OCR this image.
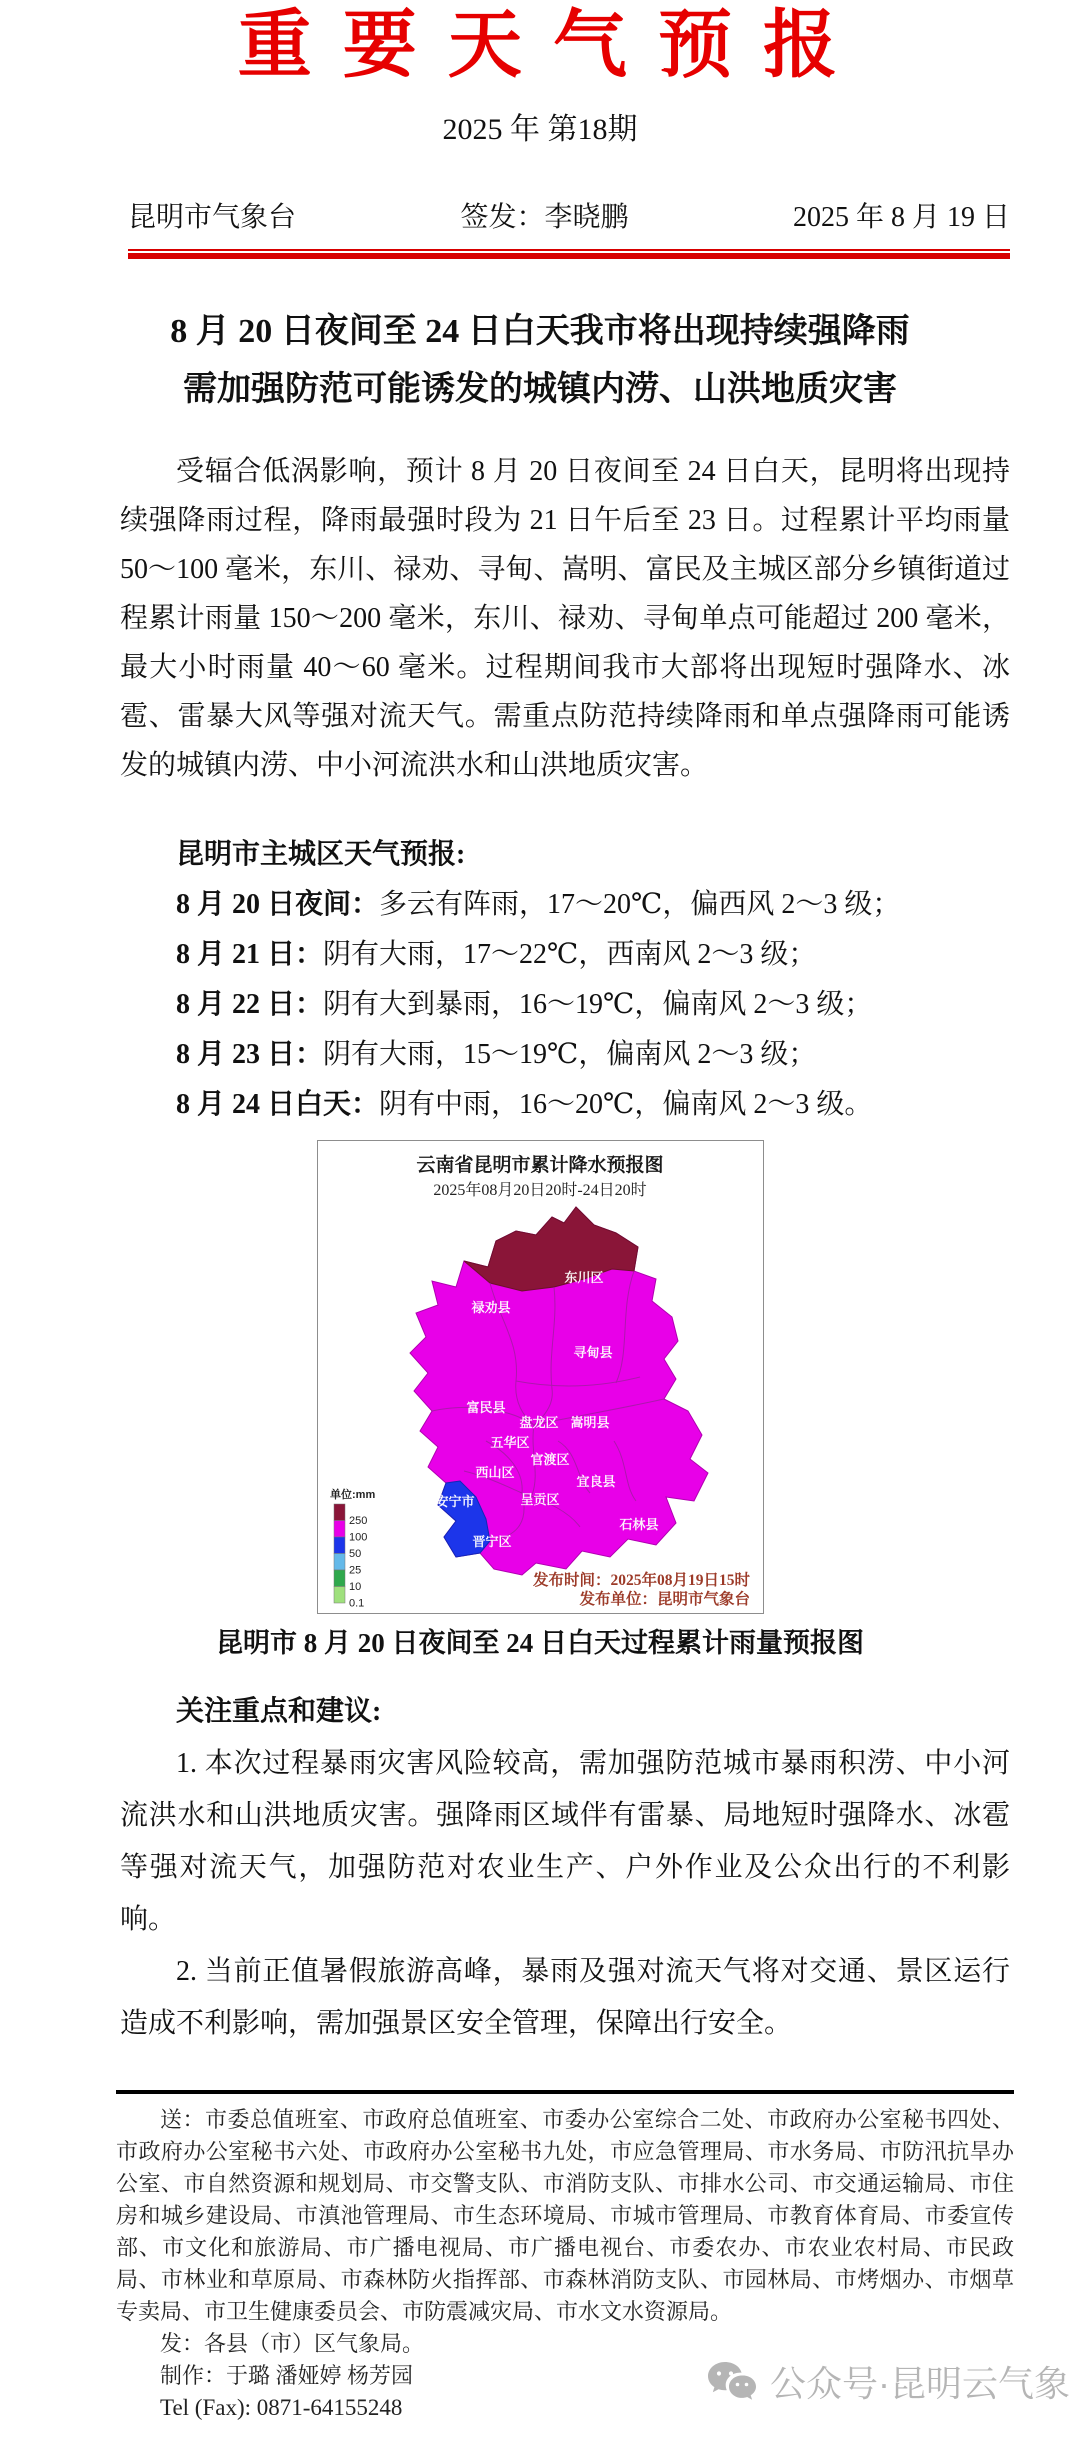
重要天气预报
2025 年 第18期
昆明市气象台	签发：李晓鹏	2025 年 8 月 19 日
8 月 20 日夜间至 24 日白天我市将出现持续强降雨
需加强防范可能诱发的城镇内涝、山洪地质灾害

受辐合低涡影响，预计 8 月 20 日夜间至 24 日白天，昆明将出现持续强降雨过程，降雨最强时段为 21 日午后至 23 日。过程累计平均雨量 50～100 毫米，东川、禄劝、寻甸、嵩明、富民及主城区部分乡镇街道过程累计雨量 150～200 毫米，东川、禄劝、寻甸单点可能超过 200 毫米，最大小时雨量 40～60 毫米。过程期间我市大部将出现短时强降水、冰雹、雷暴大风等强对流天气。需重点防范持续降雨和单点强降雨可能诱发的城镇内涝、中小河流洪水和山洪地质灾害。

昆明市主城区天气预报:
8 月 20 日夜间：多云有阵雨，17～20℃，偏西风 2～3 级；
8 月 21 日：阴有大雨，17～22℃，西南风 2～3 级；
8 月 22 日：阴有大到暴雨，16～19℃，偏南风 2～3 级；
8 月 23 日：阴有大雨，15～19℃，偏南风 2～3 级；
8 月 24 日白天：阴有中雨，16～20℃，偏南风 2～3 级。
云南省昆明市累计降水预报图
2025年08月20日20时-24日20时
东川区
禄劝县
寻甸县
富民县
盘龙区 嵩明县
五华区
官渡区
西山区
宜良县
安宁市	呈贡区
石林县
晋宁区
单位:mm
250
100
50
25
10
0.1
发布时间：2025年08月19日15时
发布单位：昆明市气象台
昆明市 8 月 20 日夜间至 24 日白天过程累计雨量预报图
关注重点和建议:

1. 本次过程暴雨灾害风险较高，需加强防范城市暴雨积涝、中小河流洪水和山洪地质灾害。强降雨区域伴有雷暴、局地短时强降水、冰雹等强对流天气，加强防范对农业生产、户外作业及公众出行的不利影响。

2. 当前正值暑假旅游高峰，暴雨及强对流天气将对交通、景区运行造成不利影响，需加强景区安全管理，保障出行安全。

送：市委总值班室、市政府总值班室、市委办公室综合二处、市政府办公室秘书四处、市政府办公室秘书六处、市政府办公室秘书九处，市应急管理局、市水务局、市防汛抗旱办公室、市自然资源和规划局、市交警支队、市消防支队、市排水公司、市交通运输局、市住房和城乡建设局、市滇池管理局、市生态环境局、市城市管理局、市教育体育局、市委宣传部、市文化和旅游局、市广播电视局、市广播电视台、市委农办、市农业农村局、市民政局、市林业和草原局、市森林防火指挥部、市森林消防支队、市园林局、市烤烟办、市烟草专卖局、市卫生健康委员会、市防震减灾局、市水文水资源局。
发：各县（市）区气象局。
制作：于璐 潘娅婷 杨芳园
Tel (Fax): 0871-64155248
公众号·昆明云气象
